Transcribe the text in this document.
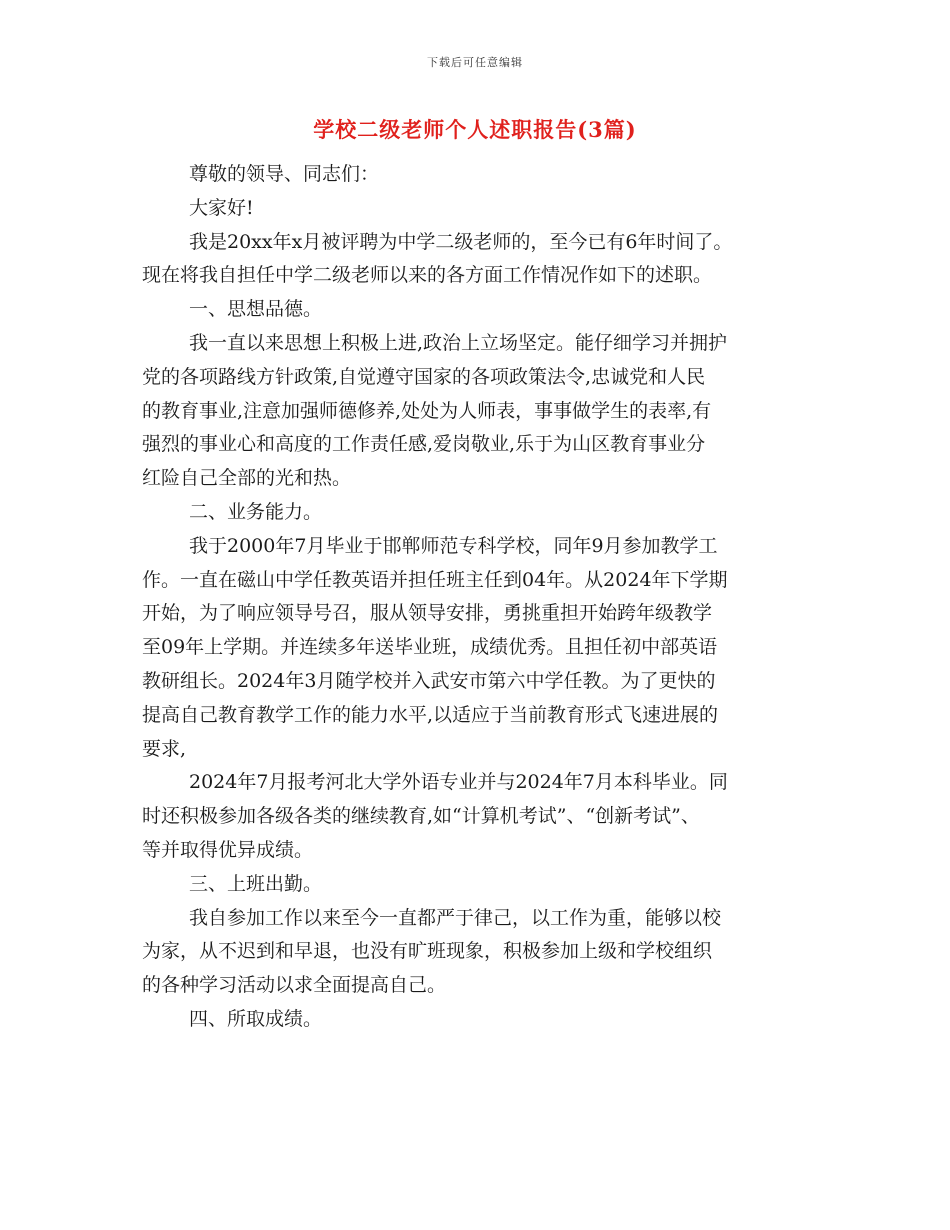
下载后可任意编辑
学校二级老师个人述职报告(3篇)

尊敬的领导、同志们：

大家好!

我是20xx年x月被评聘为中学二级老师的，至今已有6年时间了。

现在将我自担任中学二级老师以来的各方面工作情况作如下的述职。

一、思想品德。

我一直以来思想上积极上进,政治上立场坚定。能仔细学习并拥护

党的各项路线方针政策,自觉遵守国家的各项政策法令,忠诚党和人民

的教育事业,注意加强师德修养,处处为人师表，事事做学生的表率,有

强烈的事业心和高度的工作责任感,爱岗敬业,乐于为山区教育事业分

红险自己全部的光和热。

二、业务能力。

我于2000年7月毕业于邯郸师范专科学校，同年9月参加教学工

作。一直在磁山中学任教英语并担任班主任到04年。从2024年下学期

开始，为了响应领导号召，服从领导安排，勇挑重担开始跨年级教学

至09年上学期。并连续多年送毕业班，成绩优秀。且担任初中部英语

教研组长。2024年3月随学校并入武安市第六中学任教。为了更快的

提高自己教育教学工作的能力水平,以适应于当前教育形式飞速进展的

要求,

2024年7月报考河北大学外语专业并与2024年7月本科毕业。同

时还积极参加各级各类的继续教育,如“计算机考试”、“创新考试”、

等并取得优异成绩。

三、上班出勤。

我自参加工作以来至今一直都严于律己，以工作为重，能够以校

为家，从不迟到和早退，也没有旷班现象，积极参加上级和学校组织

的各种学习活动以求全面提高自己。

四、所取成绩。
